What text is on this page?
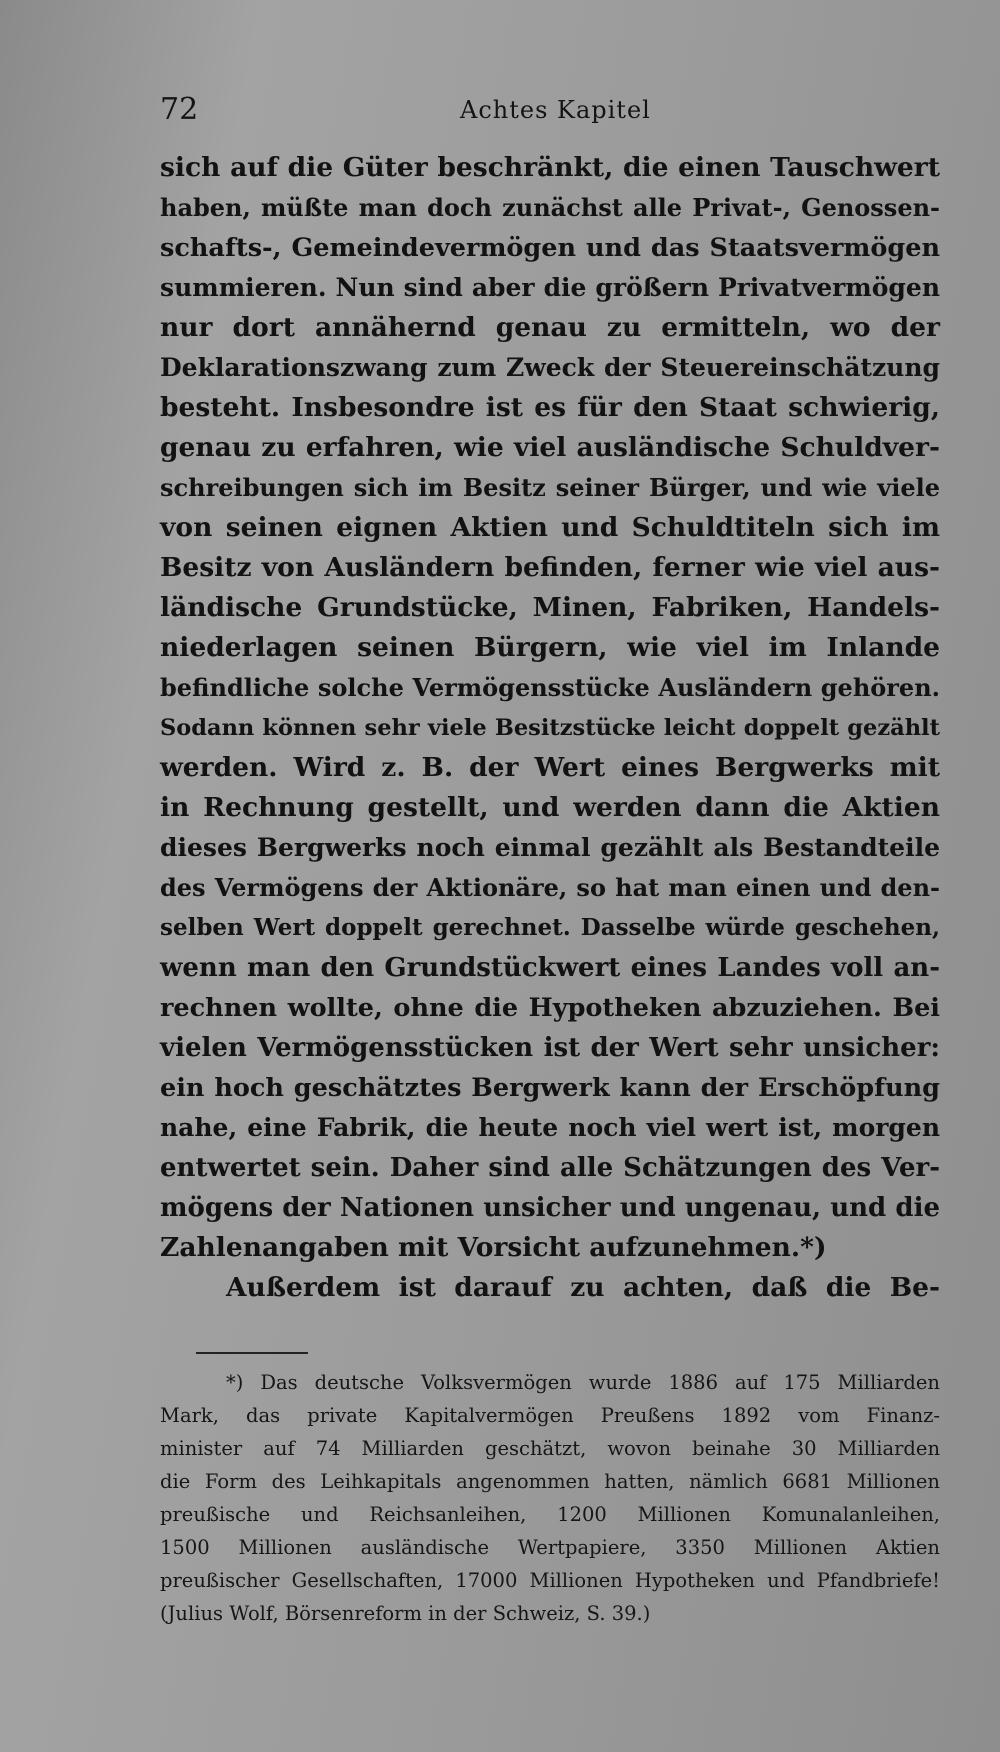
72	Achtes Kapitel
sich auf die Güter beschränkt, die einen Tauschwert
haben, müßte man doch zunächst alle Privat-, Genossen-
schafts-, Gemeindevermögen und das Staatsvermögen
summieren. Nun sind aber die größern Privatvermögen
nur dort annähernd genau zu ermitteln, wo der
Deklarationszwang zum Zweck der Steuereinschätzung
besteht. Insbesondre ist es für den Staat schwierig,
genau zu erfahren, wie viel ausländische Schuldver-
schreibungen sich im Besitz seiner Bürger, und wie viele
von seinen eignen Aktien und Schuldtiteln sich im
Besitz von Ausländern befinden, ferner wie viel aus-
ländische Grundstücke, Minen, Fabriken, Handels-
niederlagen seinen Bürgern, wie viel im Inlande
befindliche solche Vermögensstücke Ausländern gehören.
Sodann können sehr viele Besitzstücke leicht doppelt gezählt
werden. Wird z. B. der Wert eines Bergwerks mit
in Rechnung gestellt, und werden dann die Aktien
dieses Bergwerks noch einmal gezählt als Bestandteile
des Vermögens der Aktionäre, so hat man einen und den-
selben Wert doppelt gerechnet. Dasselbe würde geschehen,
wenn man den Grundstückwert eines Landes voll an-
rechnen wollte, ohne die Hypotheken abzuziehen. Bei
vielen Vermögensstücken ist der Wert sehr unsicher:
ein hoch geschätztes Bergwerk kann der Erschöpfung
nahe, eine Fabrik, die heute noch viel wert ist, morgen
entwertet sein. Daher sind alle Schätzungen des Ver-
mögens der Nationen unsicher und ungenau, und die
Zahlenangaben mit Vorsicht aufzunehmen.*)
Außerdem ist darauf zu achten, daß die Be-
*) Das deutsche Volksvermögen wurde 1886 auf 175 Milliarden
Mark, das private Kapitalvermögen Preußens 1892 vom Finanz-
minister auf 74 Milliarden geschätzt, wovon beinahe 30 Milliarden
die Form des Leihkapitals angenommen hatten, nämlich 6681 Millionen
preußische und Reichsanleihen, 1200 Millionen Komunalanleihen,
1500 Millionen ausländische Wertpapiere, 3350 Millionen Aktien
preußischer Gesellschaften, 17000 Millionen Hypotheken und Pfandbriefe!
(Julius Wolf, Börsenreform in der Schweiz, S. 39.)
